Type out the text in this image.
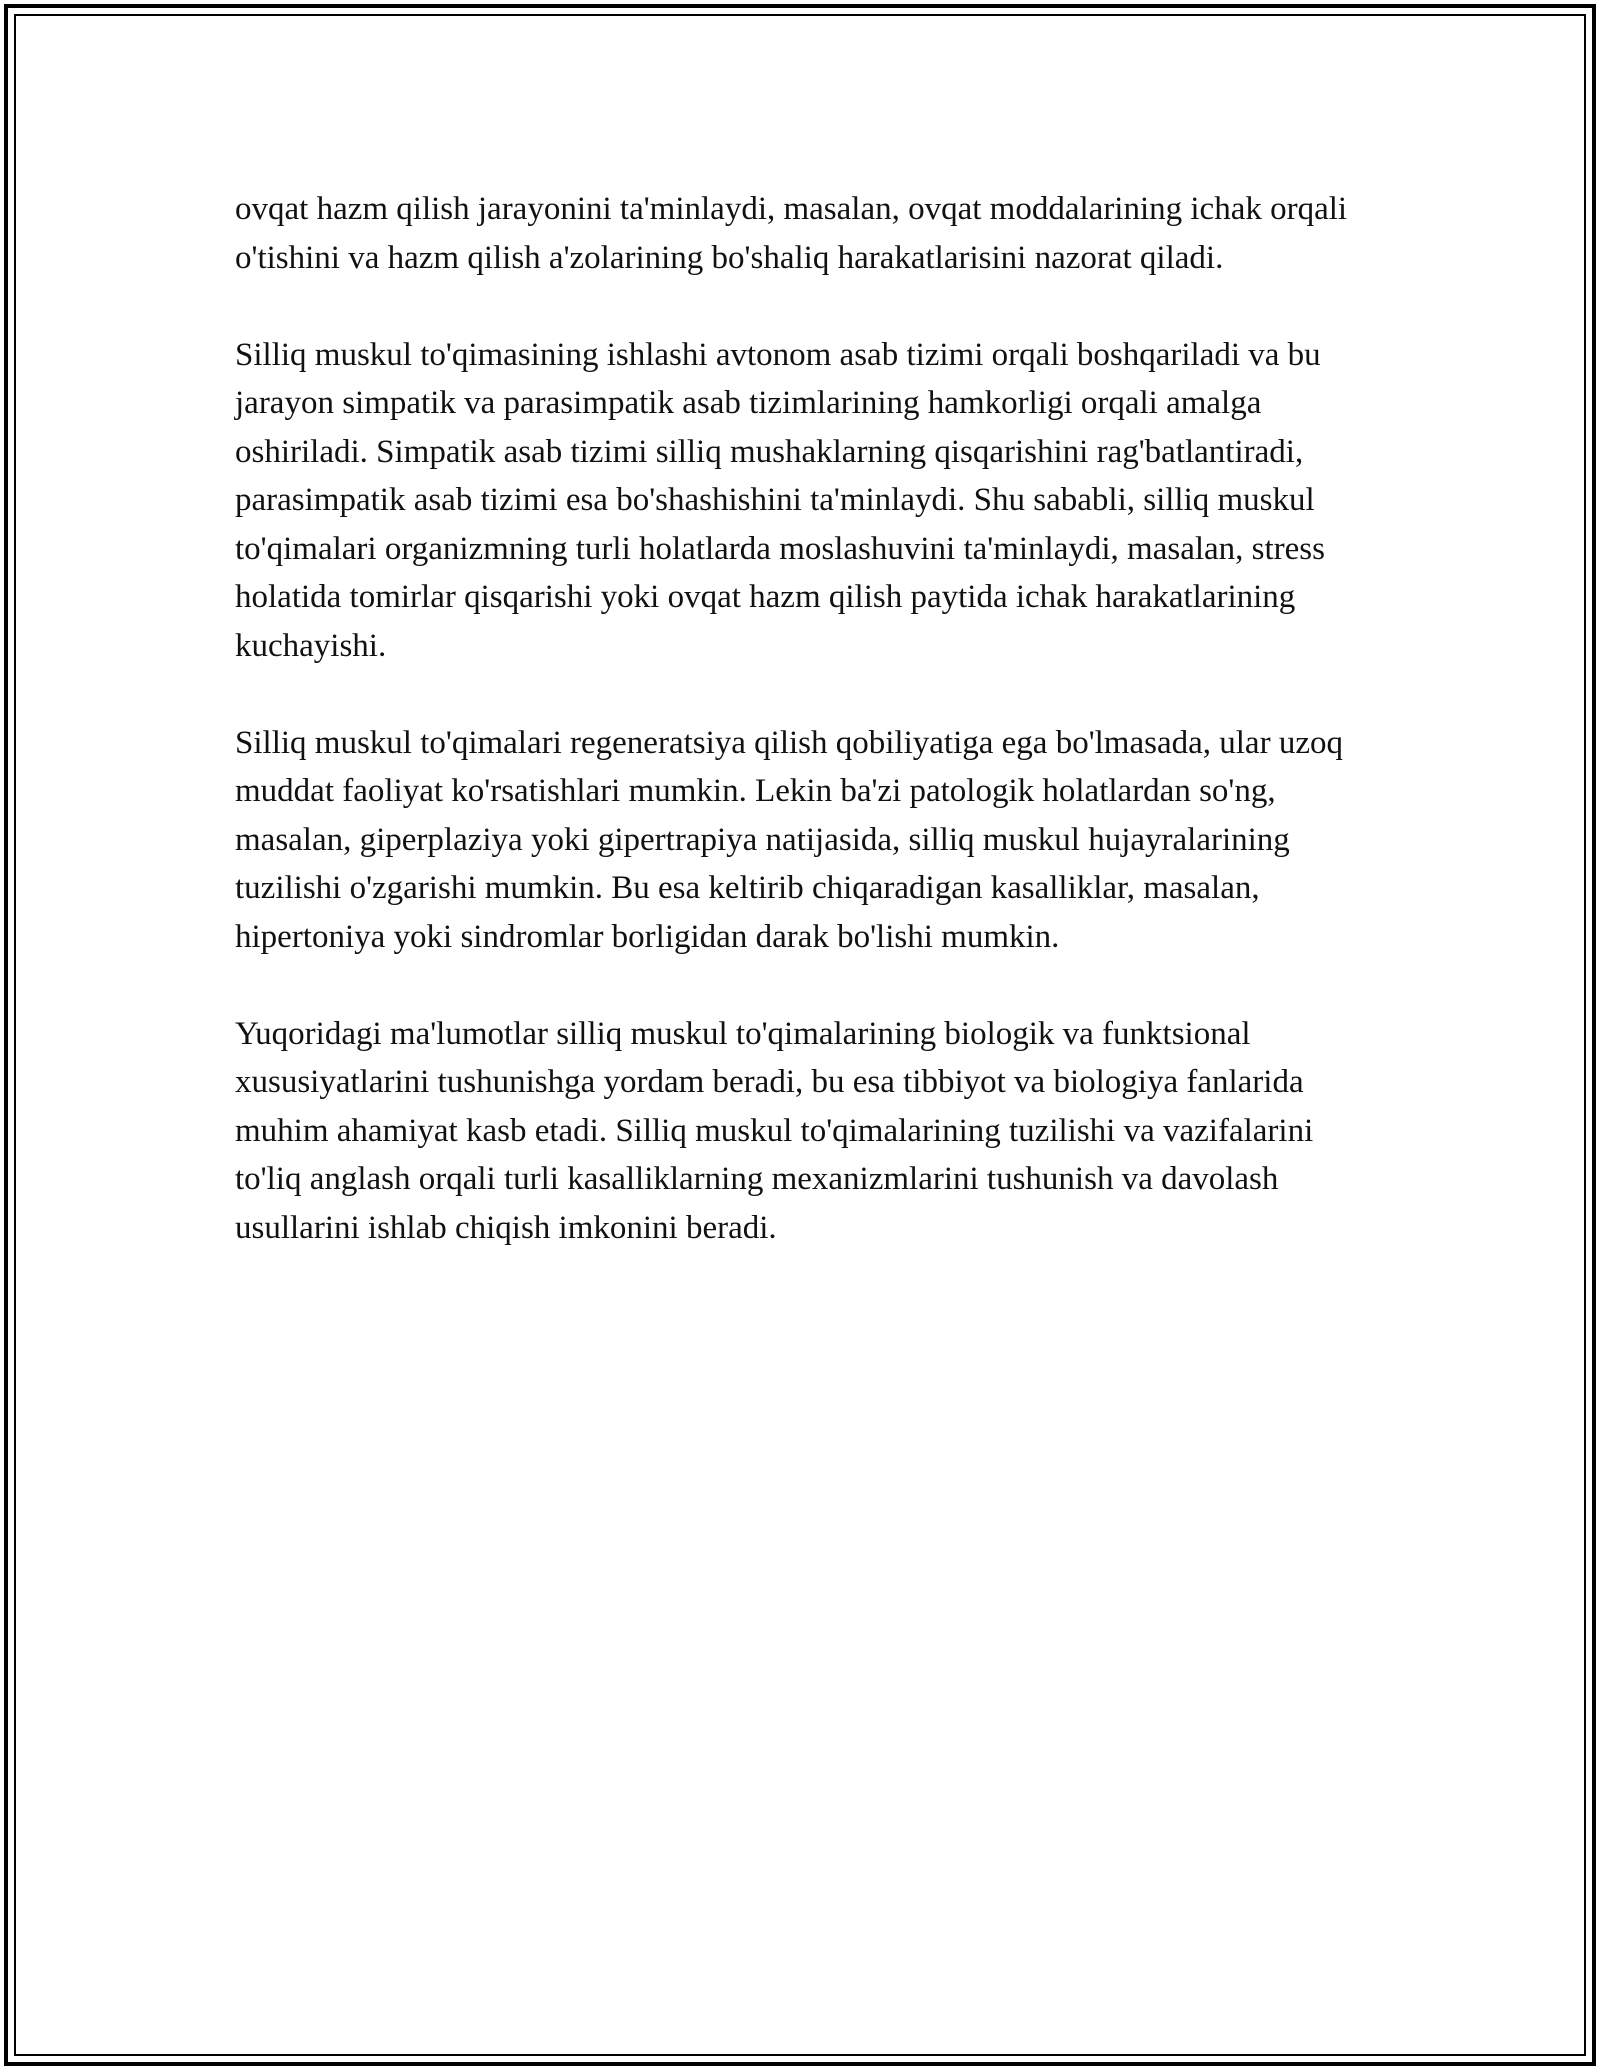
ovqat hazm qilish jarayonini ta'minlaydi, masalan, ovqat moddalarining ichak orqali o'tishini va hazm qilish a'zolarining bo'shaliq harakatlarisini nazorat qiladi.

Silliq muskul to'qimasining ishlashi avtonom asab tizimi orqali boshqariladi va bu jarayon simpatik va parasimpatik asab tizimlarining hamkorligi orqali amalga oshiriladi. Simpatik asab tizimi silliq mushaklarning qisqarishini rag'batlantiradi, parasimpatik asab tizimi esa bo'shashishini ta'minlaydi. Shu sababli, silliq muskul to'qimalari organizmning turli holatlarda moslashuvini ta'minlaydi, masalan, stress holatida tomirlar qisqarishi yoki ovqat hazm qilish paytida ichak harakatlarining kuchayishi.

Silliq muskul to'qimalari regeneratsiya qilish qobiliyatiga ega bo'lmasada, ular uzoq muddat faoliyat ko'rsatishlari mumkin. Lekin ba'zi patologik holatlardan so'ng, masalan, giperplaziya yoki gipertrapiya natijasida, silliq muskul hujayralarining tuzilishi o'zgarishi mumkin. Bu esa keltirib chiqaradigan kasalliklar, masalan, hipertoniya yoki sindromlar borligidan darak bo'lishi mumkin.

Yuqoridagi ma'lumotlar silliq muskul to'qimalarining biologik va funktsional xususiyatlarini tushunishga yordam beradi, bu esa tibbiyot va biologiya fanlarida muhim ahamiyat kasb etadi. Silliq muskul to'qimalarining tuzilishi va vazifalarini to'liq anglash orqali turli kasalliklarning mexanizmlarini tushunish va davolash usullarini ishlab chiqish imkonini beradi.
